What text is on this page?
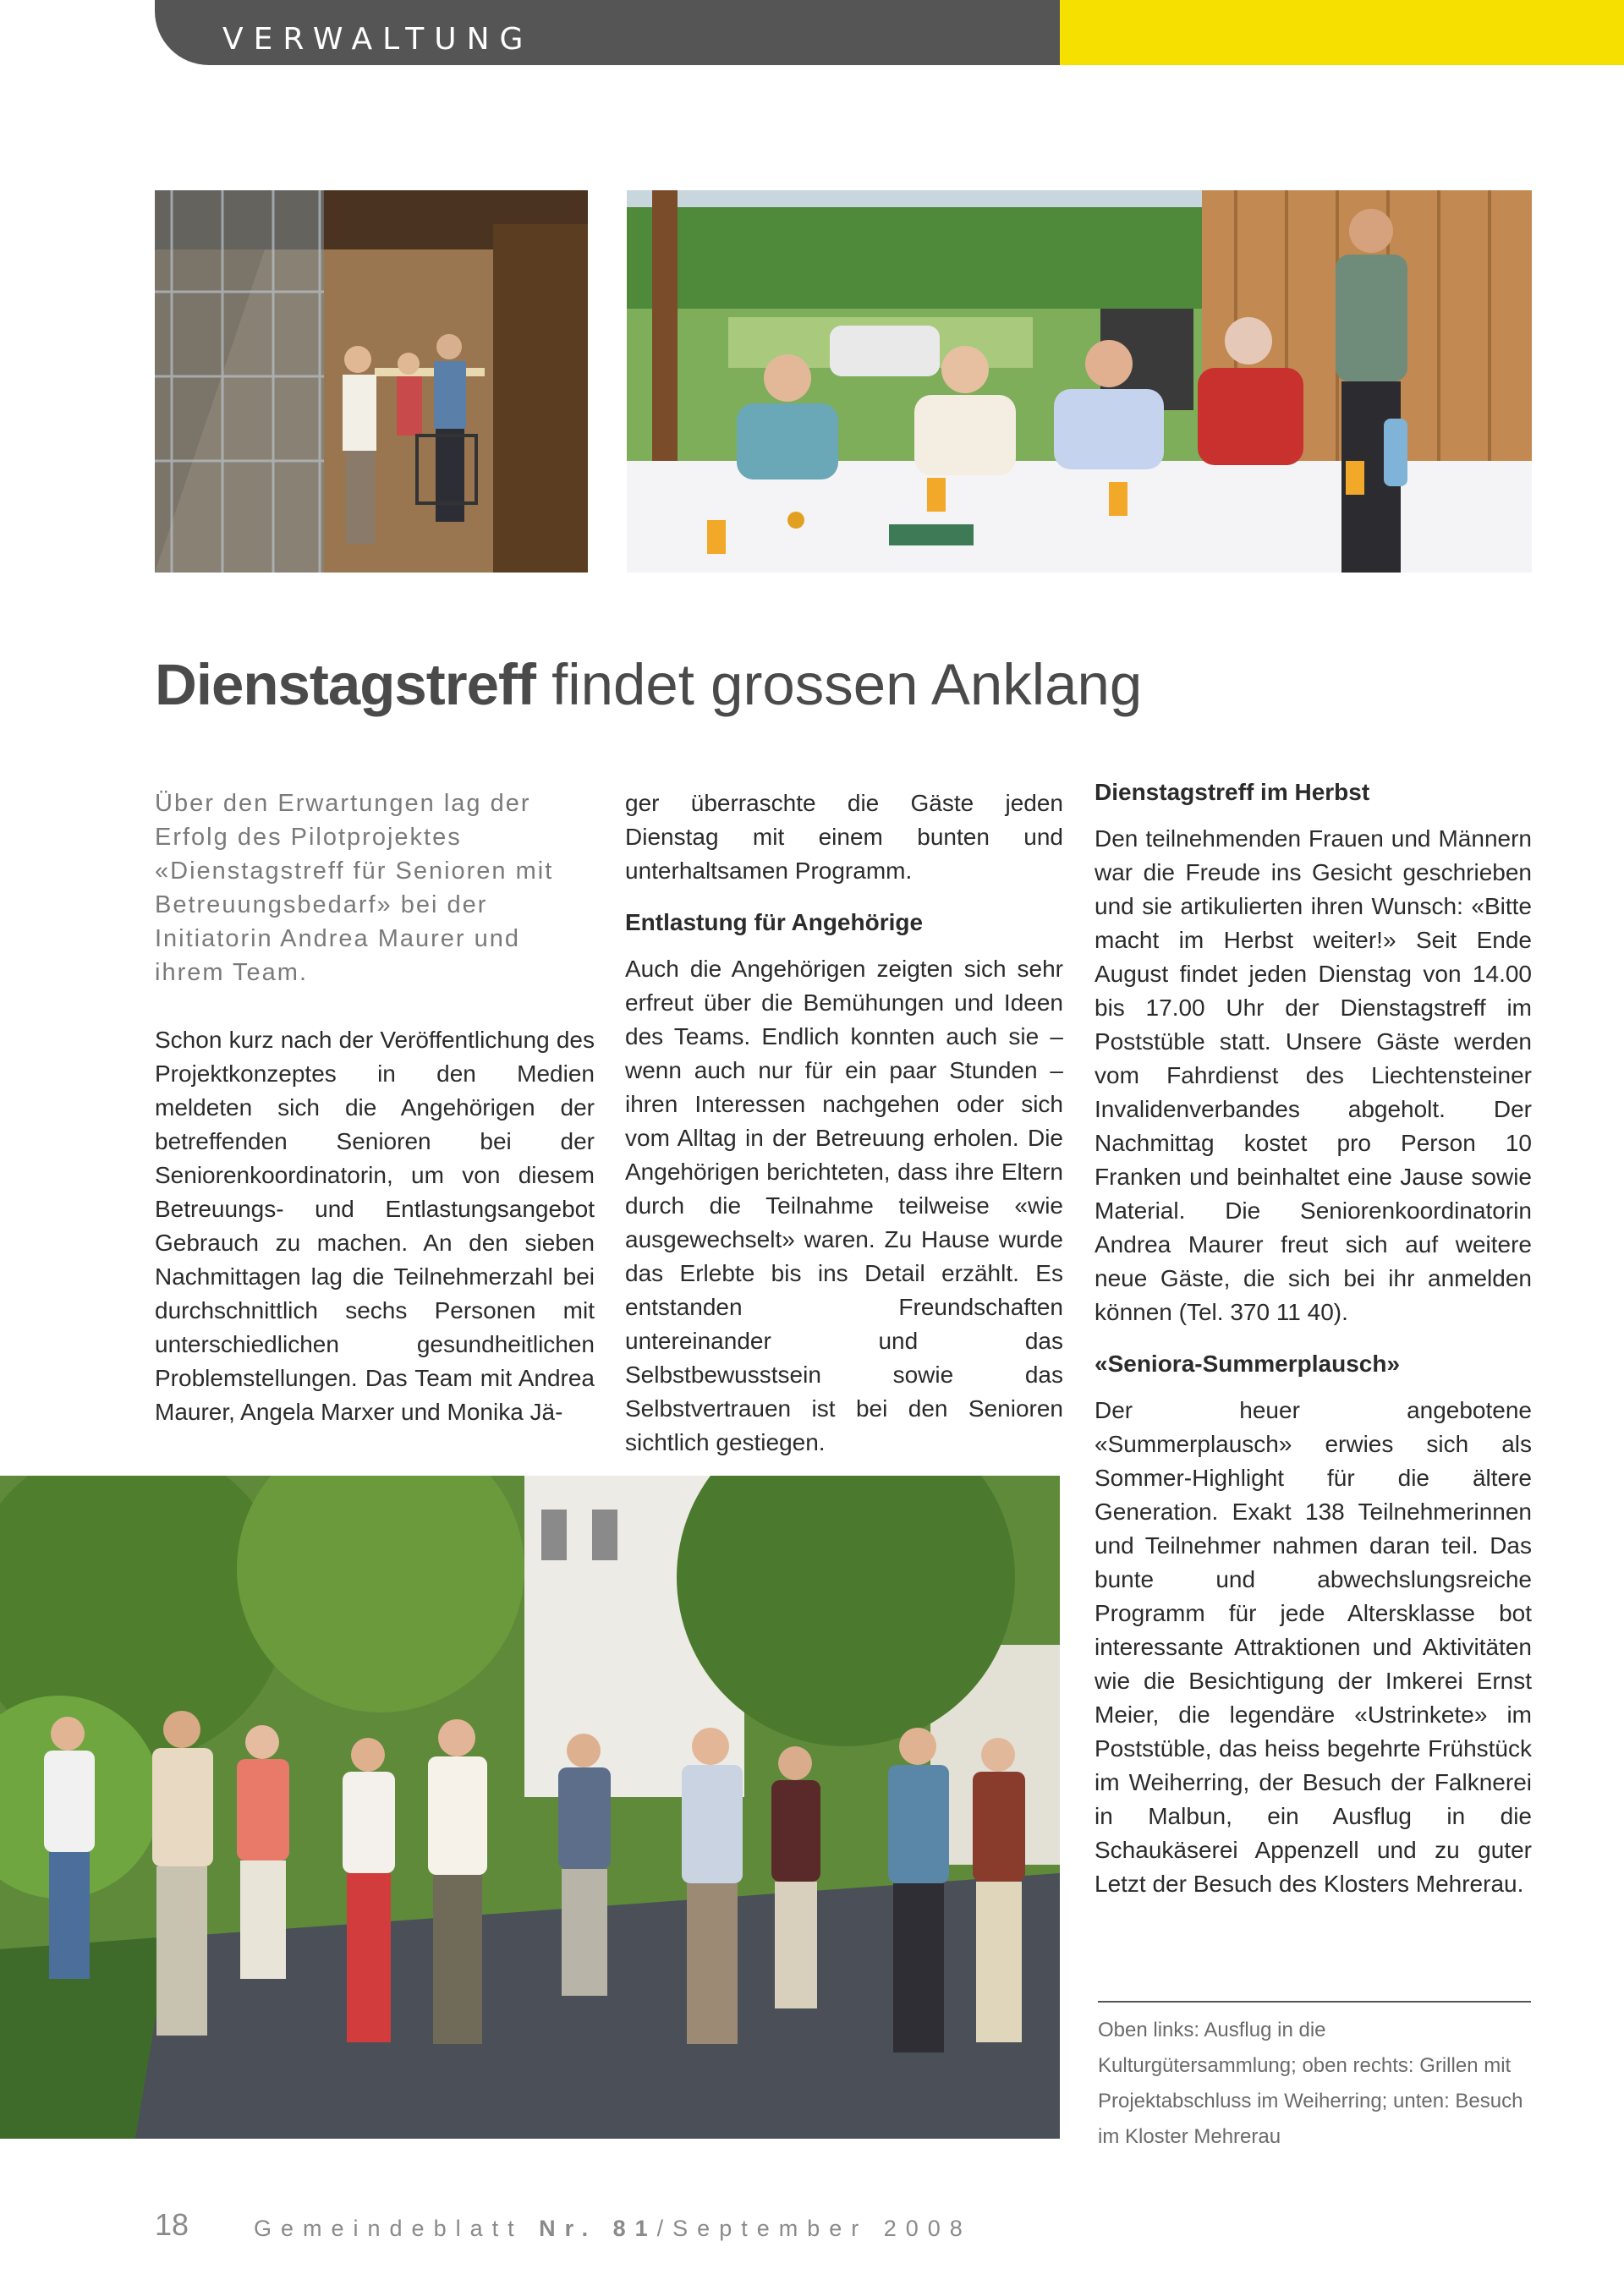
VERWALTUNG
Dienstagstreff findet grossen Anklang

Über den Erwartungen lag der Erfolg des Pilotprojektes «Dienstagstreff für Senioren mit Betreuungsbedarf» bei der Initiatorin Andrea Maurer und ihrem Team.

Schon kurz nach der Veröffentlichung des Projektkonzeptes in den Medien meldeten sich die Angehörigen der betreffenden Senioren bei der Seniorenkoordinatorin, um von diesem Betreuungs- und Entlastungsangebot Gebrauch zu machen. An den sieben Nachmittagen lag die Teilnehmerzahl bei durchschnittlich sechs Personen mit unterschiedlichen gesundheitlichen Problemstellungen. Das Team mit Andrea Maurer, Angela Marxer und Monika Jä-

ger überraschte die Gäste jeden Dienstag mit einem bunten und unterhaltsamen Programm.

Entlastung für Angehörige

Auch die Angehörigen zeigten sich sehr erfreut über die Bemühungen und Ideen des Teams. Endlich konnten auch sie – wenn auch nur für ein paar Stunden – ihren Interessen nachgehen oder sich vom Alltag in der Betreuung erholen. Die Angehörigen berichteten, dass ihre Eltern durch die Teilnahme teilweise «wie ausgewechselt» waren. Zu Hause wurde das Erlebte bis ins Detail erzählt. Es entstanden Freundschaften untereinander und das Selbstbewusstsein sowie das Selbstvertrauen ist bei den Senioren sichtlich gestiegen.

Dienstagstreff im Herbst

Den teilnehmenden Frauen und Männern war die Freude ins Gesicht geschrieben und sie artikulierten ihren Wunsch: «Bitte macht im Herbst weiter!» Seit Ende August findet jeden Dienstag von 14.00 bis 17.00 Uhr der Dienstagstreff im Poststüble statt. Unsere Gäste werden vom Fahrdienst des Liechtensteiner Invalidenverbandes abgeholt. Der Nachmittag kostet pro Person 10 Franken und beinhaltet eine Jause sowie Material. Die Seniorenkoordinatorin Andrea Maurer freut sich auf weitere neue Gäste, die sich bei ihr anmelden können (Tel. 370 11 40).

«Seniora-Summerplausch»

Der heuer angebotene «Summerplausch» erwies sich als Sommer-Highlight für die ältere Generation. Exakt 138 Teilnehmerinnen und Teilnehmer nahmen daran teil. Das bunte und abwechslungsreiche Programm für jede Altersklasse bot interessante Attraktionen und Aktivitäten wie die Besichtigung der Imkerei Ernst Meier, die legendäre «Ustrinkete» im Poststüble, das heiss begehrte Frühstück im Weiherring, der Besuch der Falknerei in Malbun, ein Ausflug in die Schaukäserei Appenzell und zu guter Letzt der Besuch des Klosters Mehrerau.

Oben links: Ausflug in die Kulturgütersammlung; oben rechts: Grillen mit Projektabschluss im Weiherring; unten: Besuch im Kloster Mehrerau
18	Gemeindeblatt Nr. 81/September 2008
